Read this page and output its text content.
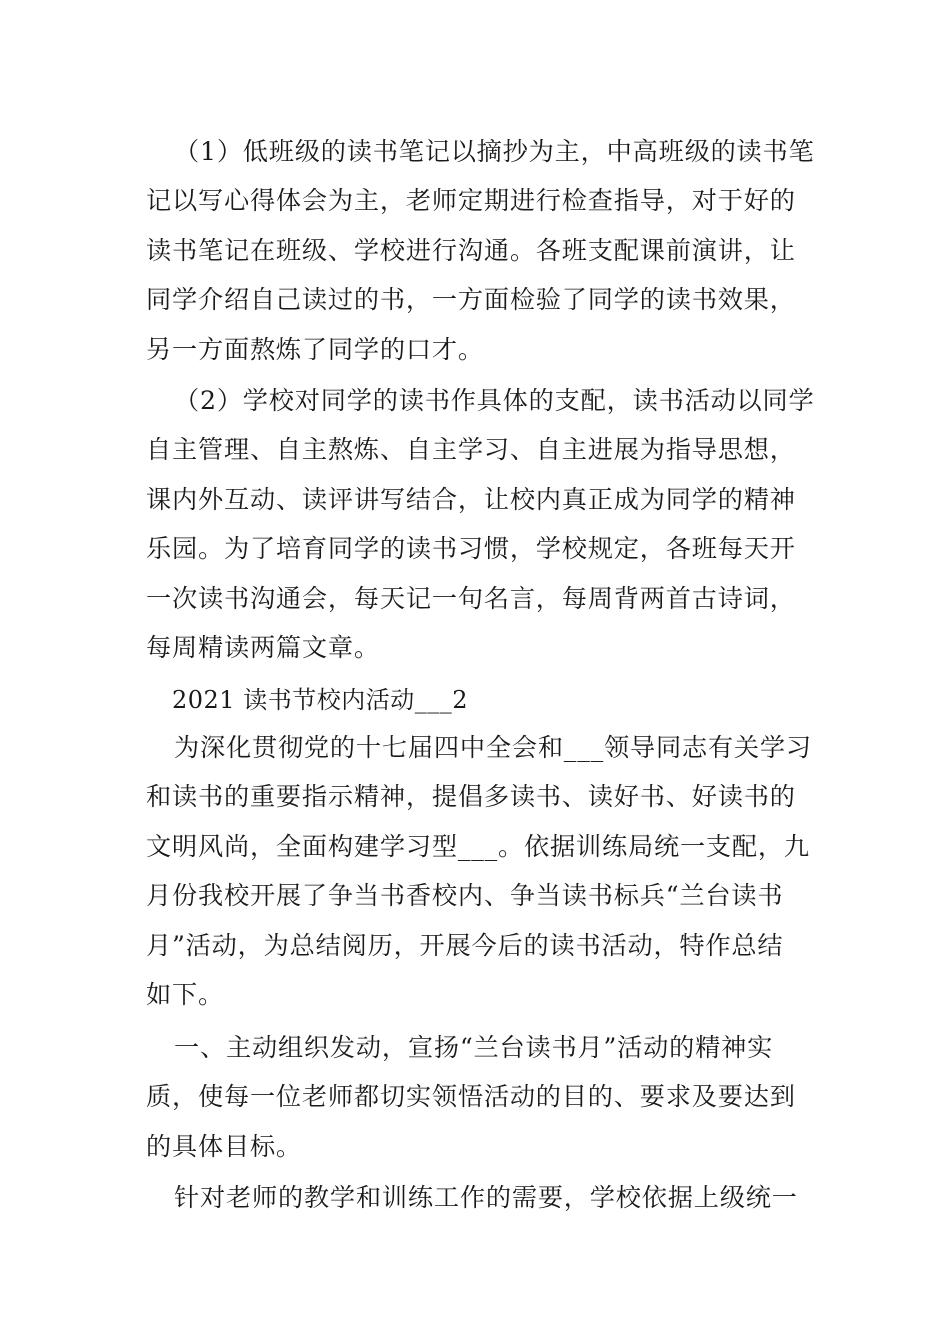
（1）低班级的读书笔记以摘抄为主，中高班级的读书笔
记以写心得体会为主，老师定期进行检查指导，对于好的
读书笔记在班级、学校进行沟通。各班支配课前演讲，让
同学介绍自己读过的书，一方面检验了同学的读书效果，
另一方面熬炼了同学的口才。
（2）学校对同学的读书作具体的支配，读书活动以同学
自主管理、自主熬炼、自主学习、自主进展为指导思想，
课内外互动、读评讲写结合，让校内真正成为同学的精神
乐园。为了培育同学的读书习惯，学校规定，各班每天开
一次读书沟通会，每天记一句名言，每周背两首古诗词，
每周精读两篇文章。
2021 读书节校内活动___2
为深化贯彻党的十七届四中全会和___领导同志有关学习
和读书的重要指示精神，提倡多读书、读好书、好读书的
文明风尚，全面构建学习型___。依据训练局统一支配，九
月份我校开展了争当书香校内、争当读书标兵“兰台读书
月”活动，为总结阅历，开展今后的读书活动，特作总结
如下。
一、主动组织发动，宣扬“兰台读书月”活动的精神实
质，使每一位老师都切实领悟活动的目的、要求及要达到
的具体目标。
针对老师的教学和训练工作的需要，学校依据上级统一
